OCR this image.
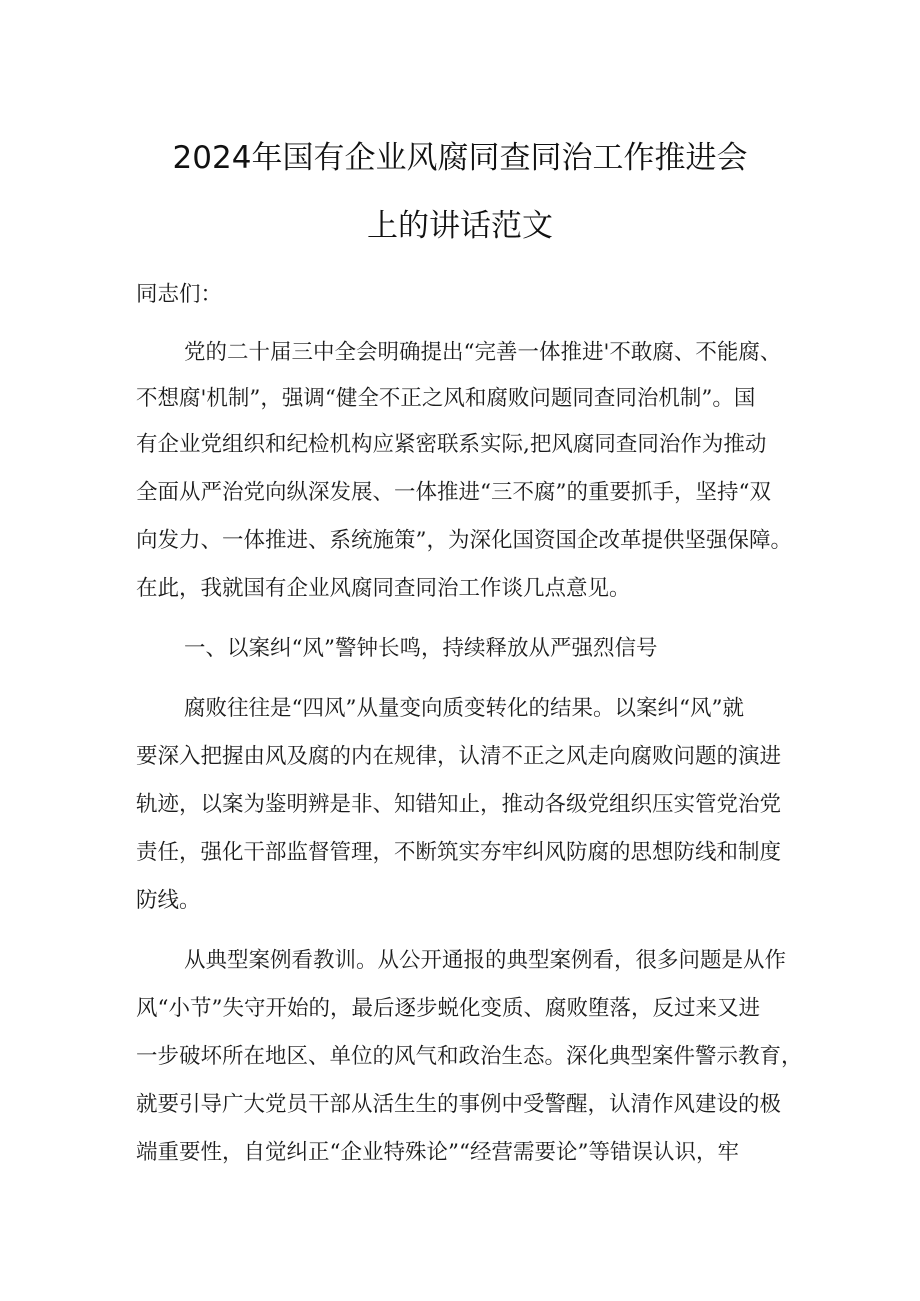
2024年国有企业风腐同查同治工作推进会
上的讲话范文
同志们：
党的二十届三中全会明确提出“完善一体推进'不敢腐、不能腐、
不想腐'机制”，强调“健全不正之风和腐败问题同查同治机制”。国
有企业党组织和纪检机构应紧密联系实际,把风腐同查同治作为推动
全面从严治党向纵深发展、一体推进“三不腐”的重要抓手，坚持“双
向发力、一体推进、系统施策”，为深化国资国企改革提供坚强保障。
在此，我就国有企业风腐同查同治工作谈几点意见。
一、以案纠“风”警钟长鸣，持续释放从严强烈信号
腐败往往是“四风”从量变向质变转化的结果。以案纠“风”就
要深入把握由风及腐的内在规律，认清不正之风走向腐败问题的演进
轨迹，以案为鉴明辨是非、知错知止，推动各级党组织压实管党治党
责任，强化干部监督管理，不断筑实夯牢纠风防腐的思想防线和制度
防线。
从典型案例看教训。从公开通报的典型案例看，很多问题是从作
风“小节”失守开始的，最后逐步蜕化变质、腐败堕落，反过来又进
一步破坏所在地区、单位的风气和政治生态。深化典型案件警示教育，
就要引导广大党员干部从活生生的事例中受警醒，认清作风建设的极
端重要性，自觉纠正“企业特殊论”“经营需要论”等错误认识，牢
